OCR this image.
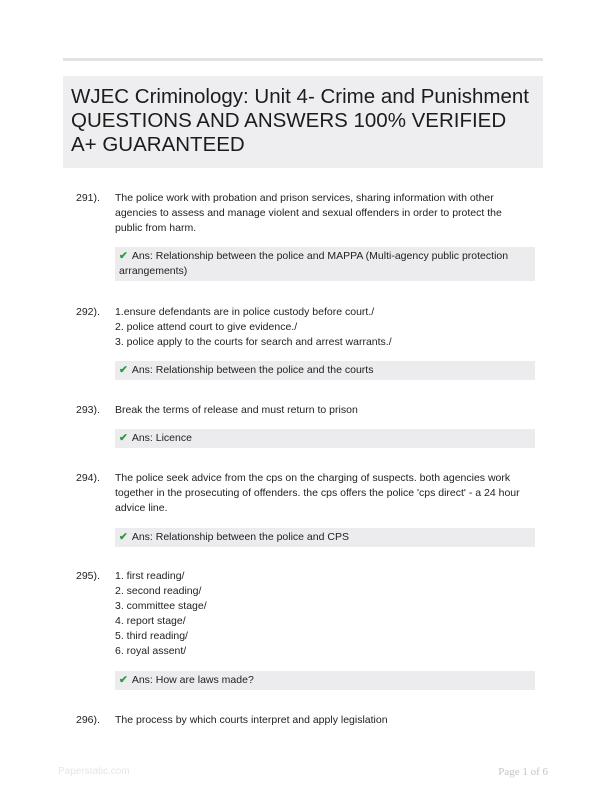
WJEC Criminology: Unit 4- Crime and Punishment QUESTIONS AND ANSWERS 100% VERIFIED A+ GUARANTEED
291). The police work with probation and prison services, sharing information with other
agencies to assess and manage violent and sexual offenders in order to protect the
public from harm.
✔ Ans: Relationship between the police and MAPPA (Multi-agency public protection arrangements)
292). 1.ensure defendants are in police custody before court./
2. police attend court to give evidence./
3. police apply to the courts for search and arrest warrants./
✔ Ans: Relationship between the police and the courts
293). Break the terms of release and must return to prison
✔ Ans: Licence
294). The police seek advice from the cps on the charging of suspects. both agencies work
together in the prosecuting of offenders. the cps offers the police 'cps direct' - a 24 hour
advice line.
✔ Ans: Relationship between the police and CPS
295). 1. first reading/
2. second reading/
3. committee stage/
4. report stage/
5. third reading/
6. royal assent/
✔ Ans: How are laws made?
296). The process by which courts interpret and apply legislation
Paperstatic.com	Page 1 of 6
